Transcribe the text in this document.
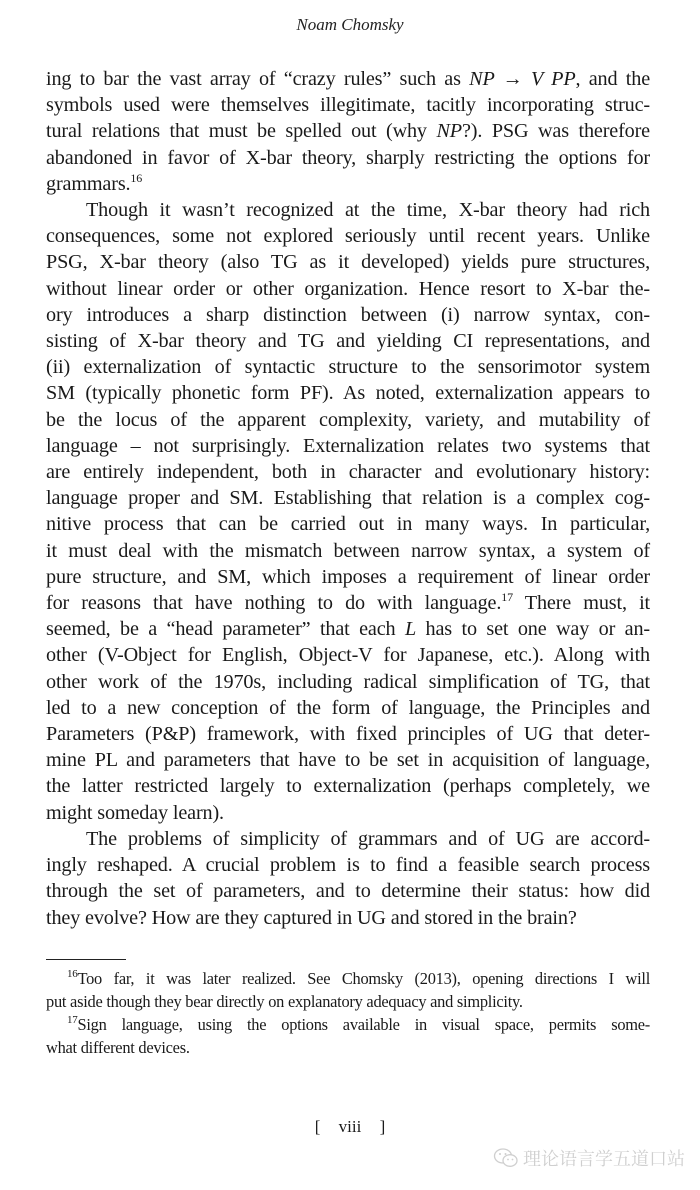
Noam Chomsky

ing to bar the vast array of “crazy rules” such as NP → V PP, and the
symbols used were themselves illegitimate, tacitly incorporating struc-
tural relations that must be spelled out (why NP?). PSG was therefore
abandoned in favor of X-bar theory, sharply restricting the options for
grammars.$^{16}$

Though it wasn’t recognized at the time, X-bar theory had rich
consequences, some not explored seriously until recent years. Unlike
PSG, X-bar theory (also TG as it developed) yields pure structures,
without linear order or other organization. Hence resort to X-bar the-
ory introduces a sharp distinction between (i) narrow syntax, con-
sisting of X-bar theory and TG and yielding CI representations, and
(ii) externalization of syntactic structure to the sensorimotor system
SM (typically phonetic form PF). As noted, externalization appears to
be the locus of the apparent complexity, variety, and mutability of
language – not surprisingly. Externalization relates two systems that
are entirely independent, both in character and evolutionary history:
language proper and SM. Establishing that relation is a complex cog-
nitive process that can be carried out in many ways. In particular,
it must deal with the mismatch between narrow syntax, a system of
pure structure, and SM, which imposes a requirement of linear order
for reasons that have nothing to do with language.$^{17}$ There must, it
seemed, be a “head parameter” that each L has to set one way or an-
other (V-Object for English, Object-V for Japanese, etc.). Along with
other work of the 1970s, including radical simplification of TG, that
led to a new conception of the form of language, the Principles and
Parameters (P&P) framework, with fixed principles of UG that deter-
mine PL and parameters that have to be set in acquisition of language,
the latter restricted largely to externalization (perhaps completely, we
might someday learn).

The problems of simplicity of grammars and of UG are accord-
ingly reshaped. A crucial problem is to find a feasible search process
through the set of parameters, and to determine their status: how did
they evolve? How are they captured in UG and stored in the brain?

$^{16}$Too far, it was later realized. See Chomsky (2013), opening directions I will
put aside though they bear directly on explanatory adequacy and simplicity.
$^{17}$Sign language, using the options available in visual space, permits some-
what different devices.
[ viii ]
理论语言学五道口站
